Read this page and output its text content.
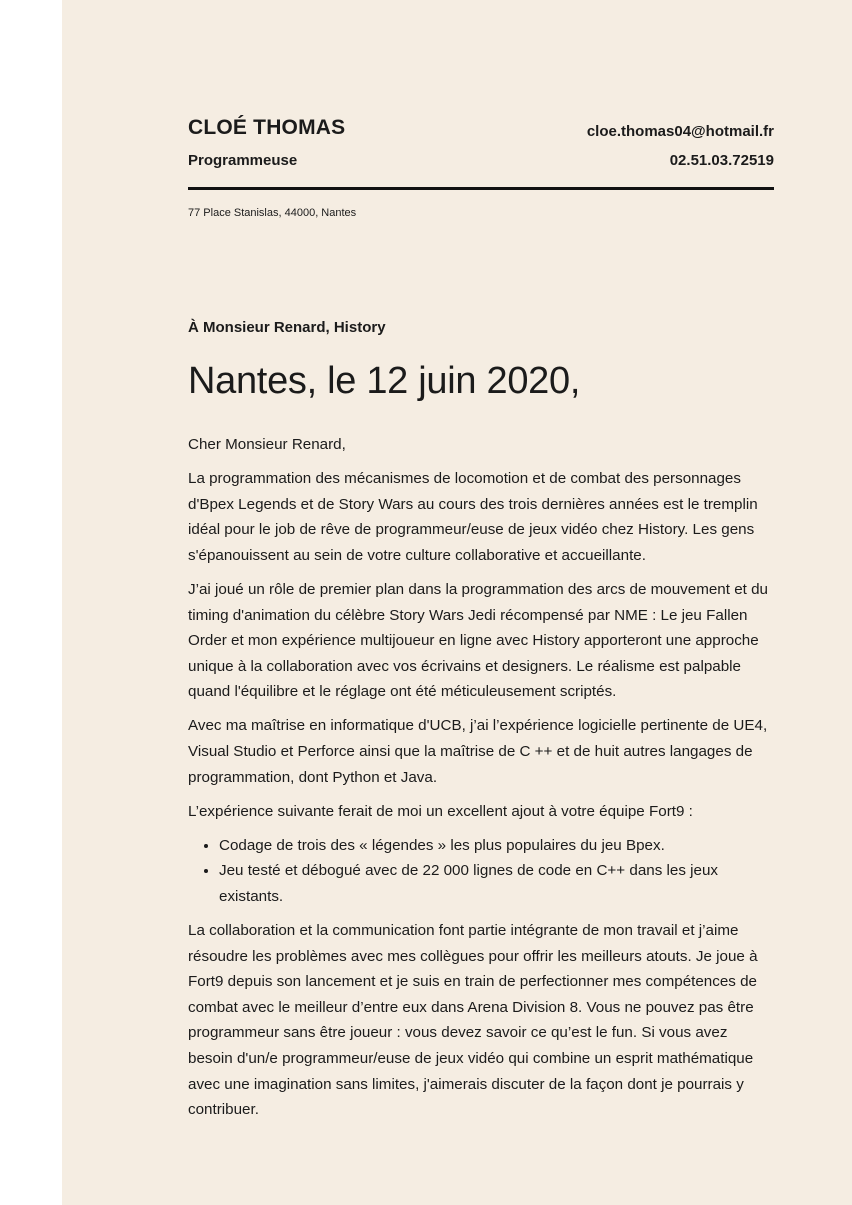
CLOÉ THOMAS
Programmeuse
cloe.thomas04@hotmail.fr
02.51.03.72519
77 Place Stanislas, 44000, Nantes
À Monsieur Renard, History
Nantes, le 12 juin 2020,

Cher Monsieur Renard,

La programmation des mécanismes de locomotion et de combat des personnages d'Bpex Legends et de Story Wars au cours des trois dernières années est le tremplin idéal pour le job de rêve de programmeur/euse de jeux vidéo chez History. Les gens s'épanouissent au sein de votre culture collaborative et accueillante.

J’ai joué un rôle de premier plan dans la programmation des arcs de mouvement et du timing d'animation du célèbre Story Wars Jedi récompensé par NME : Le jeu Fallen Order et mon expérience multijoueur en ligne avec History apporteront une approche unique à la collaboration avec vos écrivains et designers. Le réalisme est palpable quand l'équilibre et le réglage ont été méticuleusement scriptés.

Avec ma maîtrise en informatique d'UCB, j’ai l’expérience logicielle pertinente de UE4, Visual Studio et Perforce ainsi que la maîtrise de C ++ et de huit autres langages de programmation, dont Python et Java.

L’expérience suivante ferait de moi un excellent ajout à votre équipe Fort9 :

• Codage de trois des « légendes » les plus populaires du jeu Bpex.
• Jeu testé et débogué avec de 22 000 lignes de code en C++ dans les jeux existants.

La collaboration et la communication font partie intégrante de mon travail et j’aime résoudre les problèmes avec mes collègues pour offrir les meilleurs atouts. Je joue à Fort9 depuis son lancement et je suis en train de perfectionner mes compétences de combat avec le meilleur d’entre eux dans Arena Division 8. Vous ne pouvez pas être programmeur sans être joueur : vous devez savoir ce qu’est le fun. Si vous avez besoin d'un/e programmeur/euse de jeux vidéo qui combine un esprit mathématique avec une imagination sans limites, j'aimerais discuter de la façon dont je pourrais y contribuer.
